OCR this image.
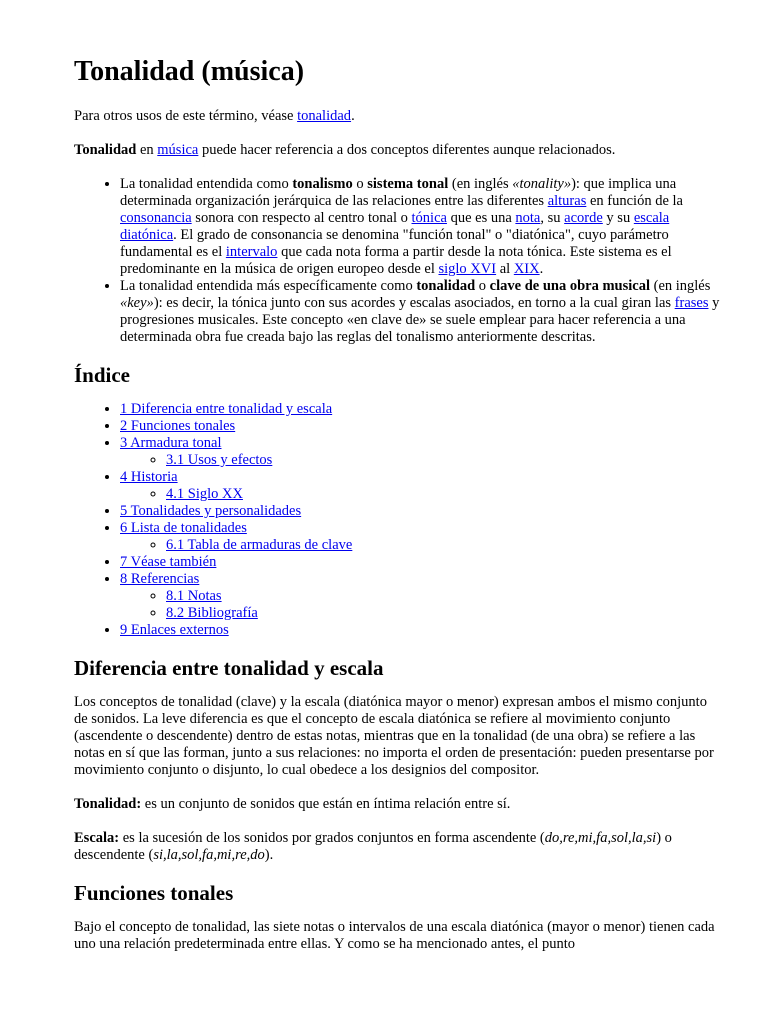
Tonalidad (música)

Para otros usos de este término, véase tonalidad.

Tonalidad en música puede hacer referencia a dos conceptos diferentes aunque relacionados.

• La tonalidad entendida como tonalismo o sistema tonal (en inglés «tonality»): que implica una determinada organización jerárquica de las relaciones entre las diferentes alturas en función de la consonancia sonora con respecto al centro tonal o tónica que es una nota, su acorde y su escala diatónica. El grado de consonancia se denomina "función tonal" o "diatónica", cuyo parámetro fundamental es el intervalo que cada nota forma a partir desde la nota tónica. Este sistema es el predominante en la música de origen europeo desde el siglo XVI al XIX.
• La tonalidad entendida más específicamente como tonalidad o clave de una obra musical (en inglés «key»): es decir, la tónica junto con sus acordes y escalas asociados, en torno a la cual giran las frases y progresiones musicales. Este concepto «en clave de» se suele emplear para hacer referencia a una determinada obra fue creada bajo las reglas del tonalismo anteriormente descritas.
Índice
• 1 Diferencia entre tonalidad y escala
• 2 Funciones tonales
• 3 Armadura tonal
◦ 3.1 Usos y efectos
• 4 Historia
◦ 4.1 Siglo XX
• 5 Tonalidades y personalidades
• 6 Lista de tonalidades
◦ 6.1 Tabla de armaduras de clave
• 7 Véase también
• 8 Referencias
◦ 8.1 Notas
◦ 8.2 Bibliografía
• 9 Enlaces externos
Diferencia entre tonalidad y escala

Los conceptos de tonalidad (clave) y la escala (diatónica mayor o menor) expresan ambos el mismo conjunto de sonidos. La leve diferencia es que el concepto de escala diatónica se refiere al movimiento conjunto (ascendente o descendente) dentro de estas notas, mientras que en la tonalidad (de una obra) se refiere a las notas en sí que las forman, junto a sus relaciones: no importa el orden de presentación: pueden presentarse por movimiento conjunto o disjunto, lo cual obedece a los designios del compositor.

Tonalidad: es un conjunto de sonidos que están en íntima relación entre sí.

Escala: es la sucesión de los sonidos por grados conjuntos en forma ascendente (do,re,mi,fa,sol,la,si) o descendente (si,la,sol,fa,mi,re,do).

Funciones tonales

Bajo el concepto de tonalidad, las siete notas o intervalos de una escala diatónica (mayor o menor) tienen cada uno una relación predeterminada entre ellas. Y como se ha mencionado antes, el punto
